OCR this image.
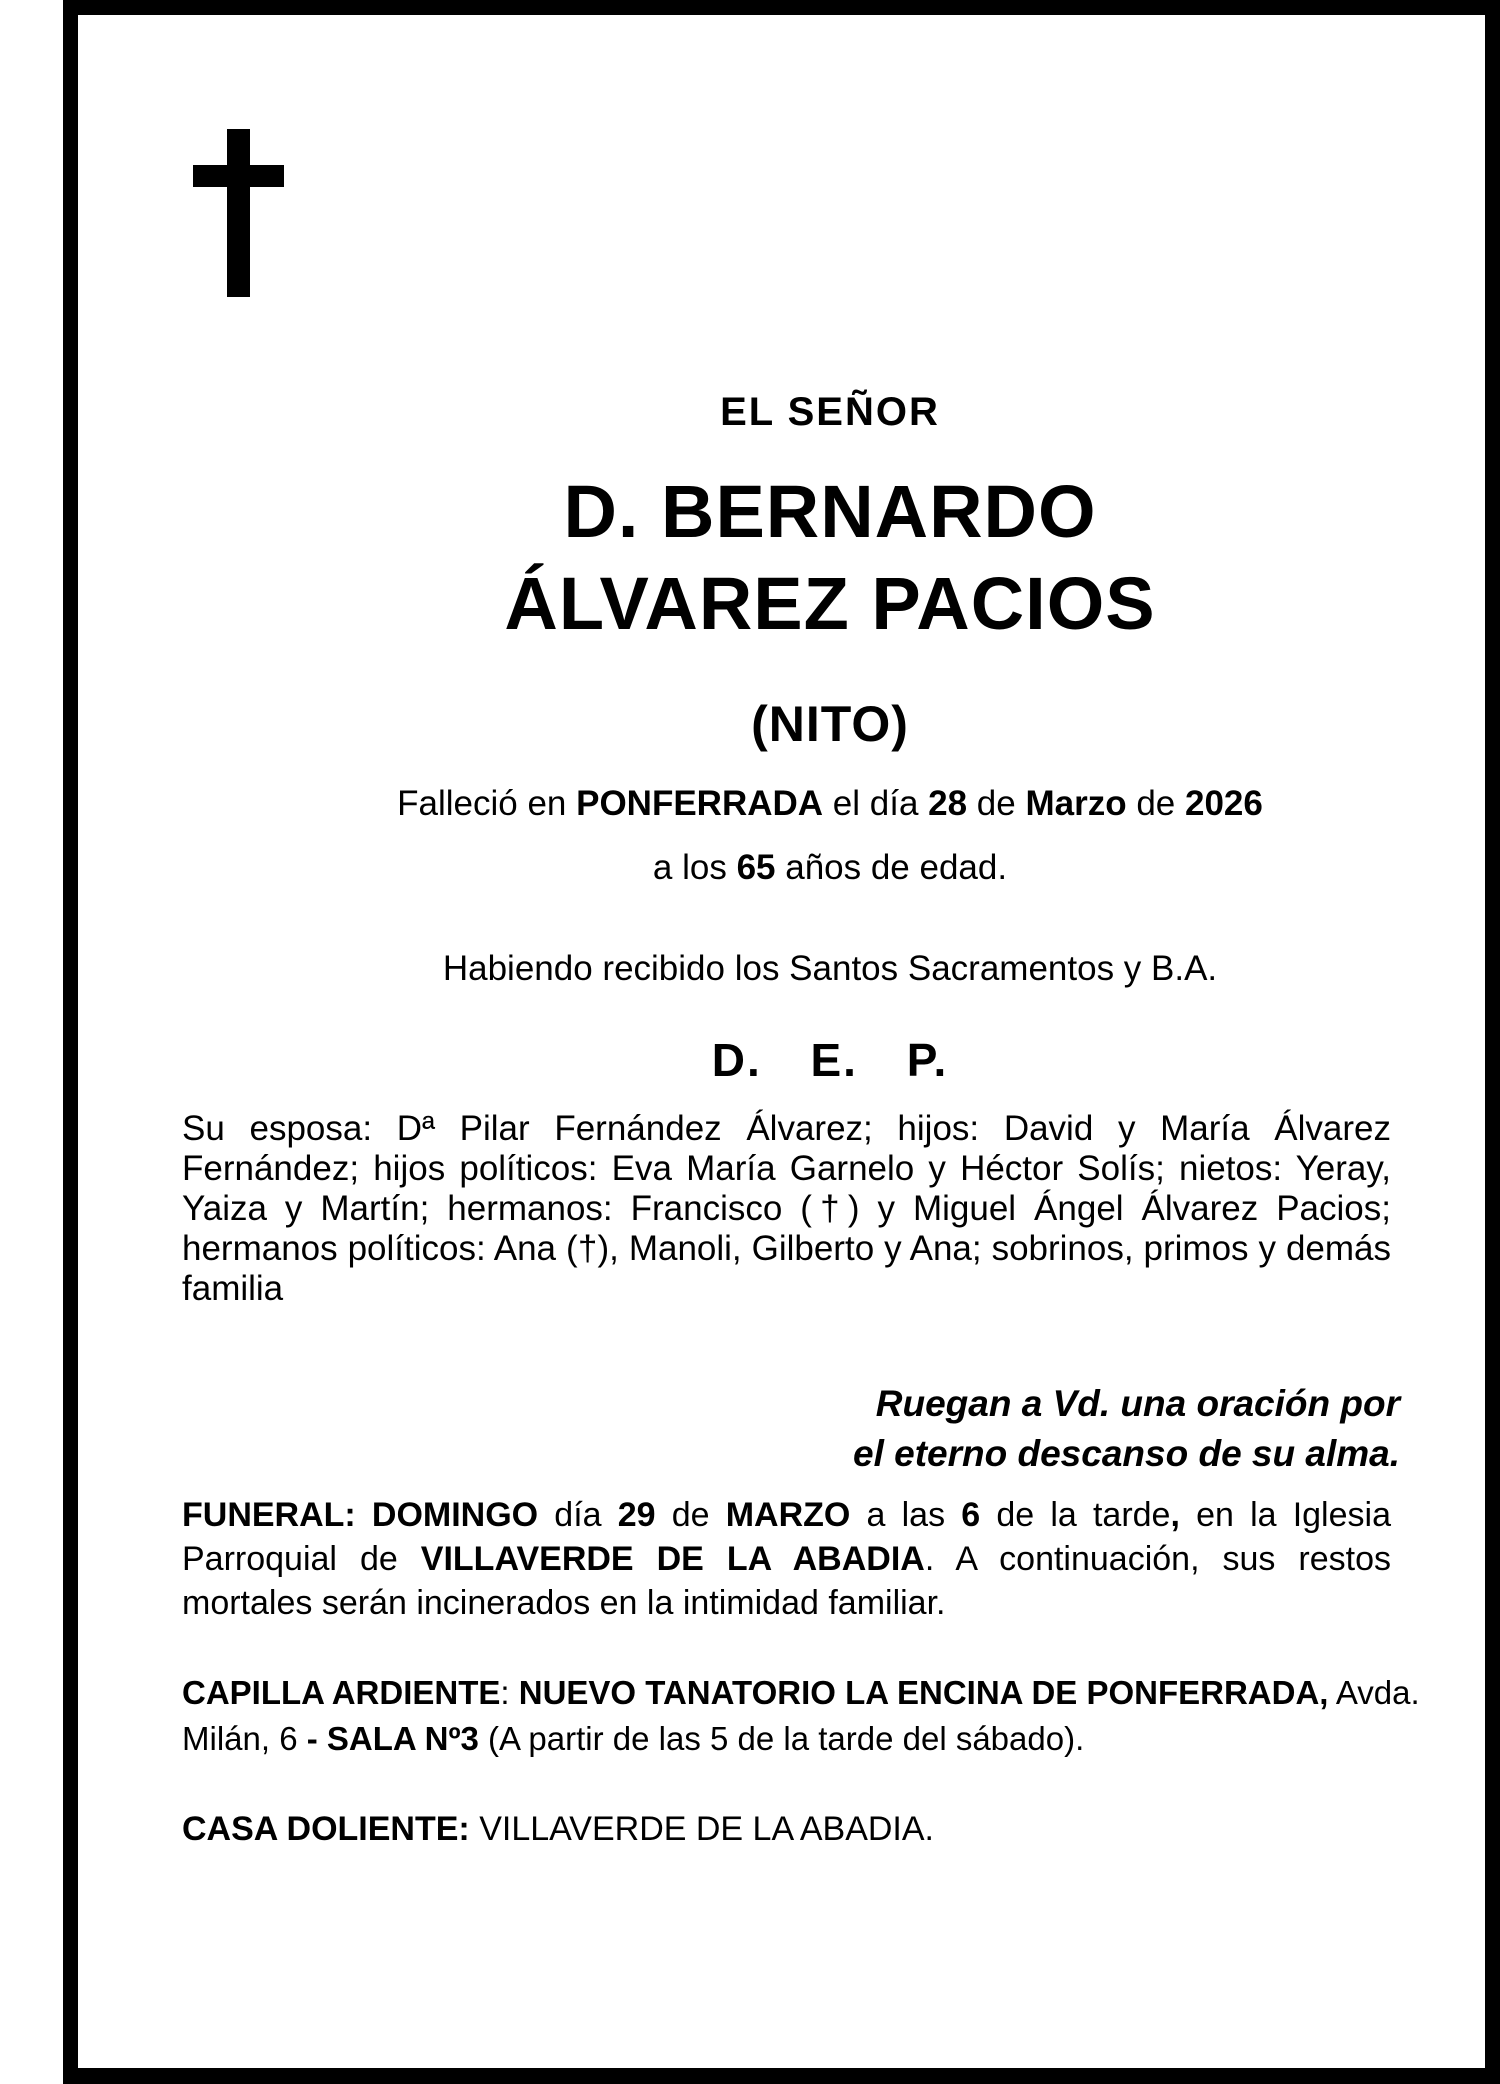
EL SEÑOR
D. BERNARDO
ÁLVAREZ PACIOS
(NITO)
Falleció en PONFERRADA el día 28 de Marzo de 2026
a los 65 años de edad.
Habiendo recibido los Santos Sacramentos y B.A.
D. E. P.
Su esposa: Dª Pilar Fernández Álvarez; hijos: David y María Álvarez Fernández; hijos políticos: Eva María Garnelo y Héctor Solís; nietos: Yeray, Yaiza y Martín; hermanos: Francisco (†) y Miguel Ángel Álvarez Pacios; hermanos políticos: Ana (†), Manoli, Gilberto y Ana; sobrinos, primos y demás familia
Ruegan a Vd. una oración por
el eterno descanso de su alma.
FUNERAL: DOMINGO día 29 de MARZO a las 6 de la tarde, en la Iglesia Parroquial de VILLAVERDE DE LA ABADIA. A continuación, sus restos mortales serán incinerados en la intimidad familiar.
CAPILLA ARDIENTE: NUEVO TANATORIO LA ENCINA DE PONFERRADA, Avda. Milán, 6 - SALA Nº3 (A partir de las 5 de la tarde del sábado).
CASA DOLIENTE: VILLAVERDE DE LA ABADIA.
